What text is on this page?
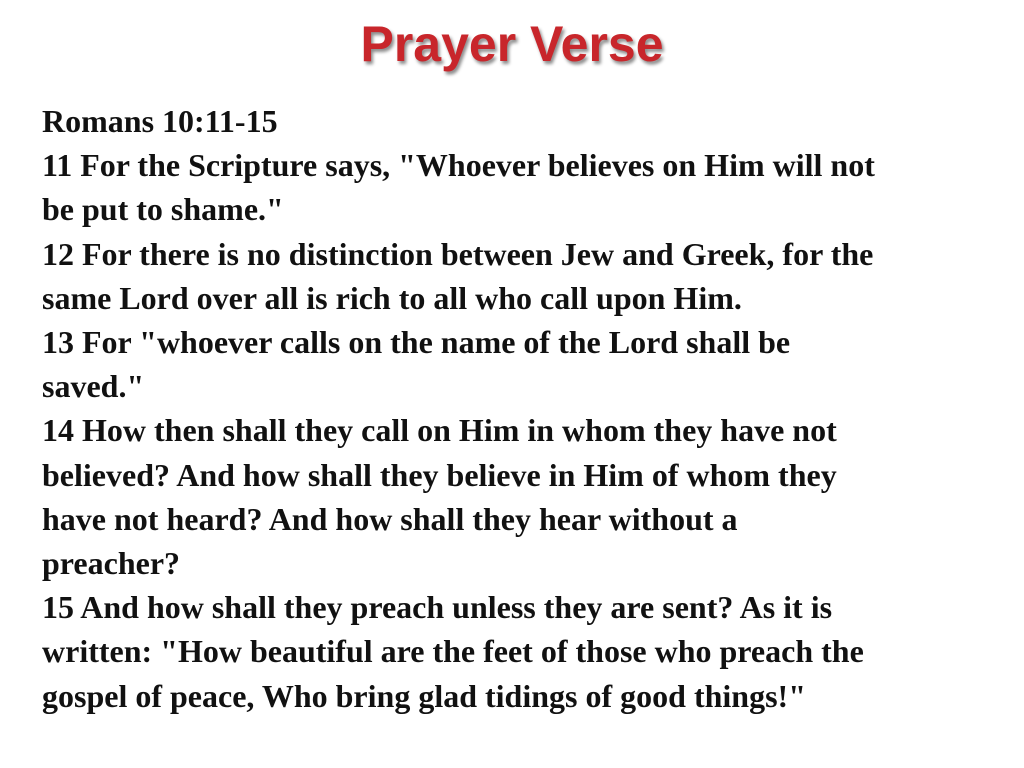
Prayer Verse
Romans 10:11-15
11 For the Scripture says, "Whoever believes on Him will not
be put to shame."
12 For there is no distinction between Jew and Greek, for the
same Lord over all is rich to all who call upon Him.
13 For "whoever calls on the name of the Lord shall be
saved."
14 How then shall they call on Him in whom they have not
believed? And how shall they believe in Him of whom they
have not heard? And how shall they hear without a
preacher?
15 And how shall they preach unless they are sent? As it is
written: "How beautiful are the feet of those who preach the
gospel of peace, Who bring glad tidings of good things!"
